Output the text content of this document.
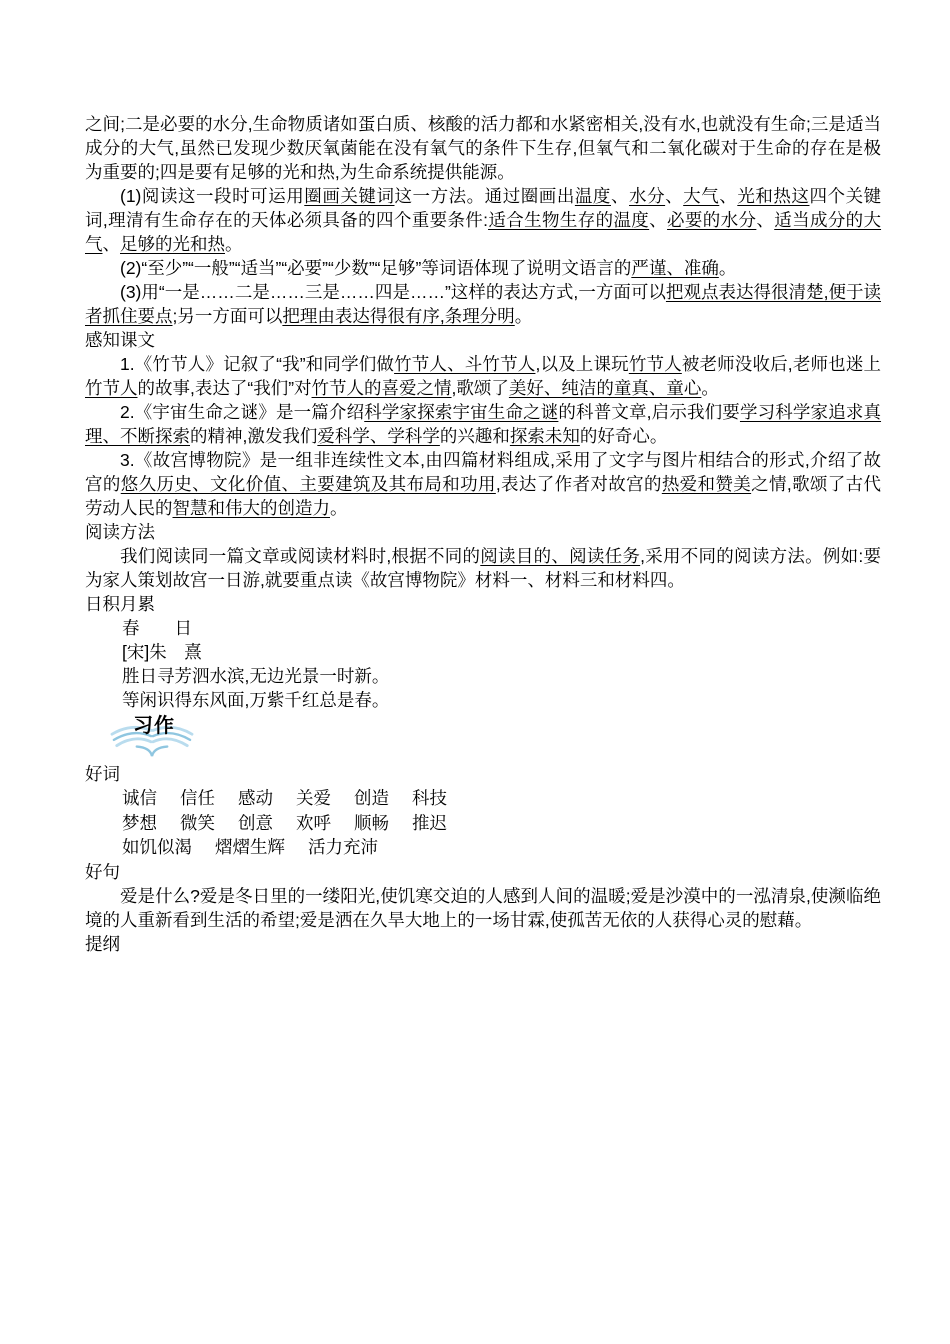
之间;二是必要的水分,生命物质诸如蛋白质、核酸的活力都和水紧密相关,没有水,也就没有生命;三是适当成分的大气,虽然已发现少数厌氧菌能在没有氧气的条件下生存,但氧气和二氧化碳对于生命的存在是极为重要的;四是要有足够的光和热,为生命系统提供能源。

(1)阅读这一段时可运用圈画关键词这一方法。通过圈画出温度、水分、大气、光和热这四个关键词,理清有生命存在的天体必须具备的四个重要条件:适合生物生存的温度、必要的水分、适当成分的大气、足够的光和热。

(2)“至少”“一般”“适当”“必要”“少数”“足够”等词语体现了说明文语言的严谨、准确。

(3)用“一是……二是……三是……四是……”这样的表达方式,一方面可以把观点表达得很清楚,便于读者抓住要点;另一方面可以把理由表达得很有序,条理分明。

感知课文

1.《竹节人》记叙了“我”和同学们做竹节人、斗竹节人,以及上课玩竹节人被老师没收后,老师也迷上竹节人的故事,表达了“我们”对竹节人的喜爱之情,歌颂了美好、纯洁的童真、童心。

2.《宇宙生命之谜》是一篇介绍科学家探索宇宙生命之谜的科普文章,启示我们要学习科学家追求真理、不断探索的精神,激发我们爱科学、学科学的兴趣和探索未知的好奇心。

3.《故宫博物院》是一组非连续性文本,由四篇材料组成,采用了文字与图片相结合的形式,介绍了故宫的悠久历史、文化价值、主要建筑及其布局和功用,表达了作者对故宫的热爱和赞美之情,歌颂了古代劳动人民的智慧和伟大的创造力。

阅读方法

我们阅读同一篇文章或阅读材料时,根据不同的阅读目的、阅读任务,采用不同的阅读方法。例如:要为家人策划故宫一日游,就要重点读《故宫博物院》材料一、材料三和材料四。

日积月累
春　　日
[宋]朱　熹
胜日寻芳泗水滨,无边光景一时新。
等闲识得东风面,万紫千红总是春。
习作
好词
诚信 信任 感动 关爱 创造 科技
梦想 微笑 创意 欢呼 顺畅 推迟
如饥似渴 熠熠生辉 活力充沛
好句

爱是什么?爱是冬日里的一缕阳光,使饥寒交迫的人感到人间的温暖;爱是沙漠中的一泓清泉,使濒临绝境的人重新看到生活的希望;爱是洒在久旱大地上的一场甘霖,使孤苦无依的人获得心灵的慰藉。

提纲
